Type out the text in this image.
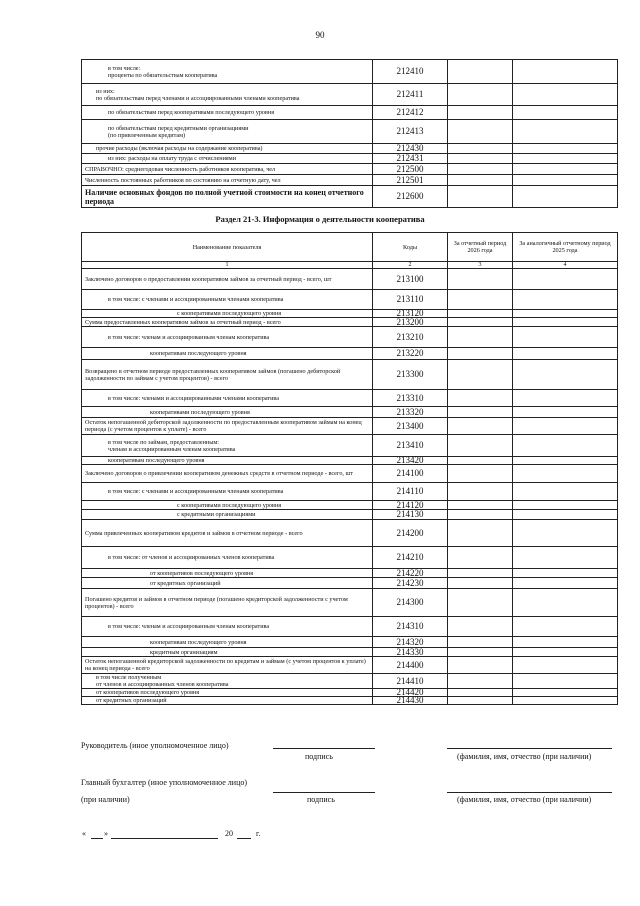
90
в том числе:
проценты по обязательствам кооператива	212410		
из них:
по обязательствам перед членами и ассоциированными членами кооператива	212411		
по обязательствам перед кооперативами последующего уровня	212412		
по обязательствам перед кредитными организациями
(по привлеченным кредитам)	212413		
прочие расходы (включая расходы на содержание кооператива)	212430		
из них: расходы на оплату труда с отчислениями	212431		
СПРАВОЧНО: среднегодовая численность работников кооператива, чел	212500		
Численность постоянных работников по состоянию на отчетную дату, чел	212501		
Наличие основных фондов по полной учетной стоимости на конец отчетного периода	212600		
Раздел 21-3. Информация о деятельности кооператива
Наименование показателя	Коды	За отчетный период 2026 года	За аналогичный отчетному период 2025 года
1	2	3	4
Заключено договоров о предоставлении кооперативом займов за отчетный период - всего, шт	213100		
в том числе: с членами и ассоциированными членами кооператива	213110		
с кооперативами последующего уровня	213120		
Сумма предоставленных кооперативом займов за отчетный период - всего	213200		
в том числе: членам и ассоциированным членам кооператива	213210		
кооперативам последующего уровня	213220		
Возвращено в отчетном периоде предоставленных кооперативом займов (погашено дебиторской задолженности по займам с учетом процентов) - всего	213300		
в том числе: членами и ассоциированными членами кооператива	213310		
кооперативами последующего уровня	213320		
Остаток непогашенной дебиторской задолженности по предоставленным кооперативом займам на конец периода (с учетом процентов к уплате) - всего	213400		
в том числе по займам, предоставленным:
членам и ассоциированным членам кооператива	213410		
кооперативам последующего уровня	213420		
Заключено договоров о привлечении кооперативом денежных средств в отчетном периоде - всего, шт	214100		
в том числе: с членами и ассоциированными членами кооператива	214110		
с кооперативами последующего уровня	214120		
с кредитными организациями	214130		
Сумма привлеченных кооперативом кредитов и займов в отчетном периоде - всего	214200		
в том числе: от членов и ассоциированных членов кооператива	214210		
от кооперативов последующего уровня	214220		
от кредитных организаций	214230		
Погашено кредитов и займов в отчетном периоде (погашено кредиторской задолженности с учетом процентов) - всего	214300		
в том числе: членам и ассоциированным членам кооператива	214310		
кооперативам последующего уровня	214320		
кредитным организациям	214330		
Остаток непогашенной кредиторской задолженности по кредитам и займам (с учетом процентов к уплате) на конец периода - всего	214400		
в том числе полученным
от членов и ассоциированных членов кооператива	214410		
от кооперативов последующего уровня	214420		
от кредитных организаций	214430		
Руководитель (иное уполномоченное лицо)
подпись	(фамилия, имя, отчество (при наличии)
Главный бухгалтер (иное уполномоченное лицо)
(при наличии)	подпись	(фамилия, имя, отчество (при наличии)
« »	20	г.
